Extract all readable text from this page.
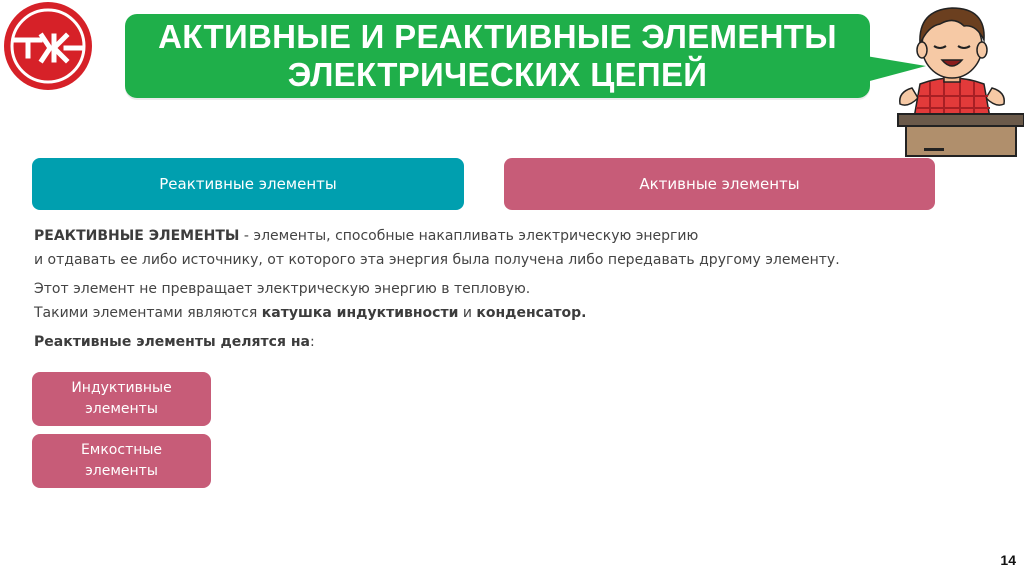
АКТИВНЫЕ И РЕАКТИВНЫЕ ЭЛЕМЕНТЫ
ЭЛЕКТРИЧЕСКИХ ЦЕПЕЙ
Реактивные элементы	Активные элементы
РЕАКТИВНЫЕ ЭЛЕМЕНТЫ - элементы, способные накапливать электрическую энергию
и отдавать ее либо источнику, от которого эта энергия была получена либо передавать другому элементу.
Этот элемент не превращает электрическую энергию в тепловую.
Такими элементами являются катушка индуктивности и конденсатор.
Реактивные элементы делятся на:
Индуктивные
элементы
Емкостные
элементы
14
